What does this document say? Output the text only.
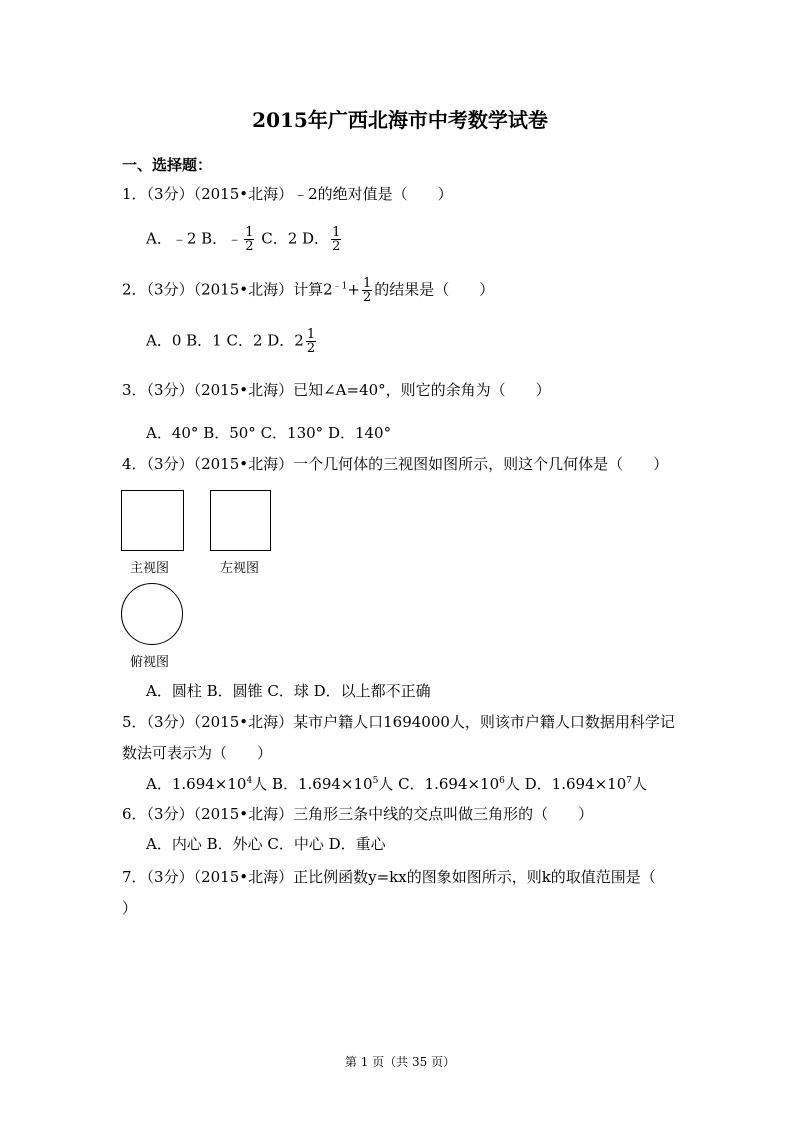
2015年广西北海市中考数学试卷
一、选择题：
1．（3分）（2015•北海）﹣2的绝对值是（　　）
A．﹣2 B．﹣ $\frac{1}{2}$ C．2 D． $\frac{1}{2}$
2．（3分）（2015•北海）计算$2^{﹣1}+ \frac{1}{2}$ 的结果是（　　）
A．0 B．1 C．2 D．$2 \frac{1}{2}$
3．（3分）（2015•北海）已知∠A=40°，则它的余角为（　　）
A．40° B．50° C．130° D．140°
4．（3分）（2015•北海）一个几何体的三视图如图所示，则这个几何体是（　　）
主视图	左视图
俯视图
A．圆柱 B．圆锥 C．球 D．以上都不正确
5．（3分）（2015•北海）某市户籍人口1694000人，则该市户籍人口数据用科学记
数法可表示为（　　）
A．$1.694\times 10^4$人 B．$1.694\times 10^5$人 C．$1.694\times 10^6$人 D．$1.694\times 10^7$人
6．（3分）（2015•北海）三角形三条中线的交点叫做三角形的（　　）
A．内心 B．外心 C．中心 D．重心
7．（3分）（2015•北海）正比例函数y=kx的图象如图所示，则k的取值范围是（
）
第 1 页（共 35 页）
